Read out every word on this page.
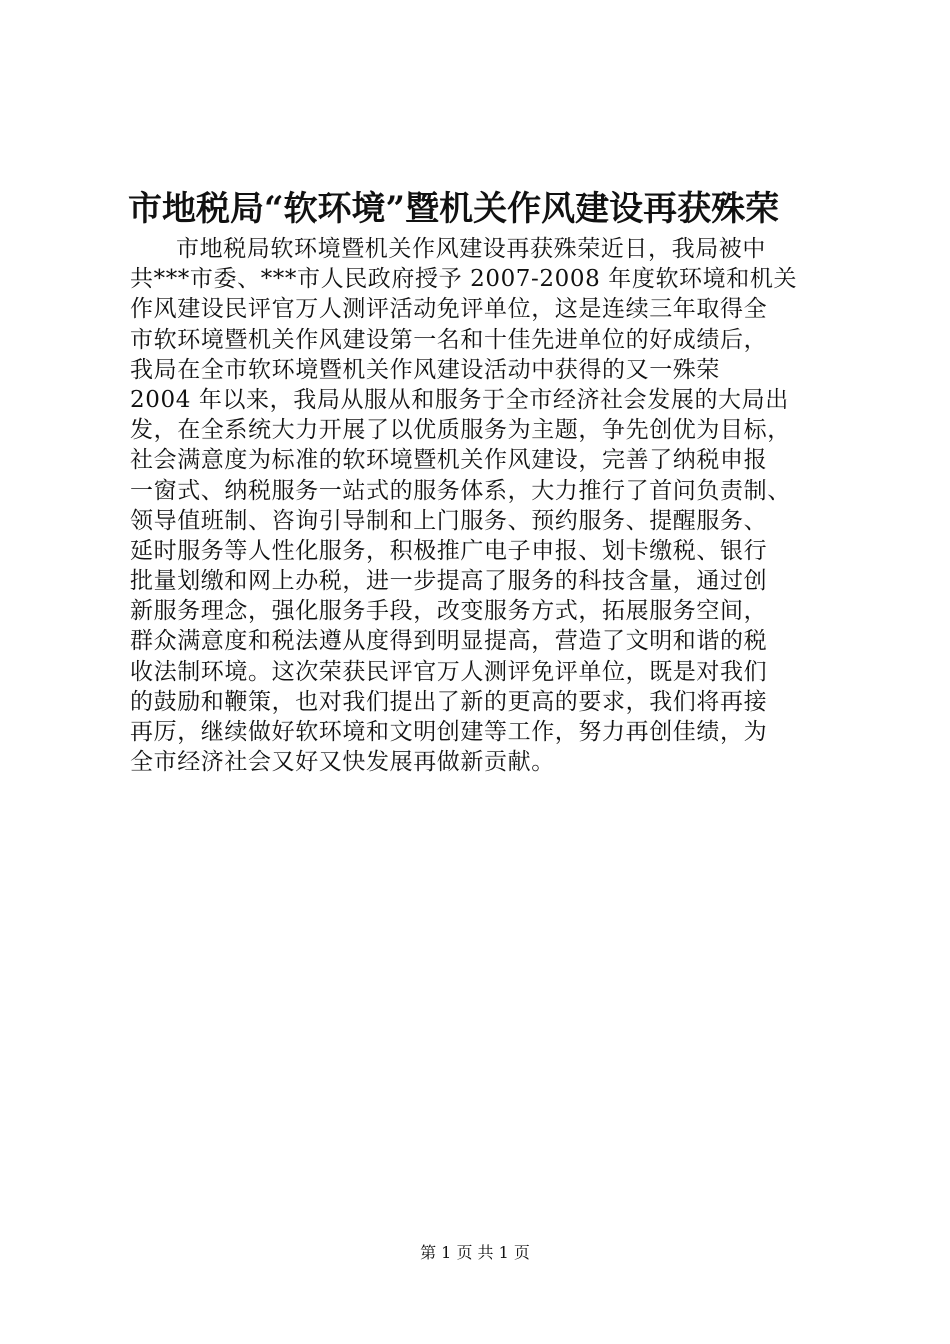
市地税局“软环境”暨机关作风建设再获殊荣
市地税局软环境暨机关作风建设再获殊荣近日，我局被中
共***市委、***市人民政府授予 2007-2008 年度软环境和机关
作风建设民评官万人测评活动免评单位，这是连续三年取得全
市软环境暨机关作风建设第一名和十佳先进单位的好成绩后，
我局在全市软环境暨机关作风建设活动中获得的又一殊荣
2004 年以来，我局从服从和服务于全市经济社会发展的大局出
发，在全系统大力开展了以优质服务为主题，争先创优为目标，
社会满意度为标准的软环境暨机关作风建设，完善了纳税申报
一窗式、纳税服务一站式的服务体系，大力推行了首问负责制、
领导值班制、咨询引导制和上门服务、预约服务、提醒服务、
延时服务等人性化服务，积极推广电子申报、划卡缴税、银行
批量划缴和网上办税，进一步提高了服务的科技含量，通过创
新服务理念，强化服务手段，改变服务方式，拓展服务空间，
群众满意度和税法遵从度得到明显提高，营造了文明和谐的税
收法制环境。这次荣获民评官万人测评免评单位，既是对我们
的鼓励和鞭策，也对我们提出了新的更高的要求，我们将再接
再厉，继续做好软环境和文明创建等工作，努力再创佳绩，为
全市经济社会又好又快发展再做新贡献。
第 1 页 共 1 页
